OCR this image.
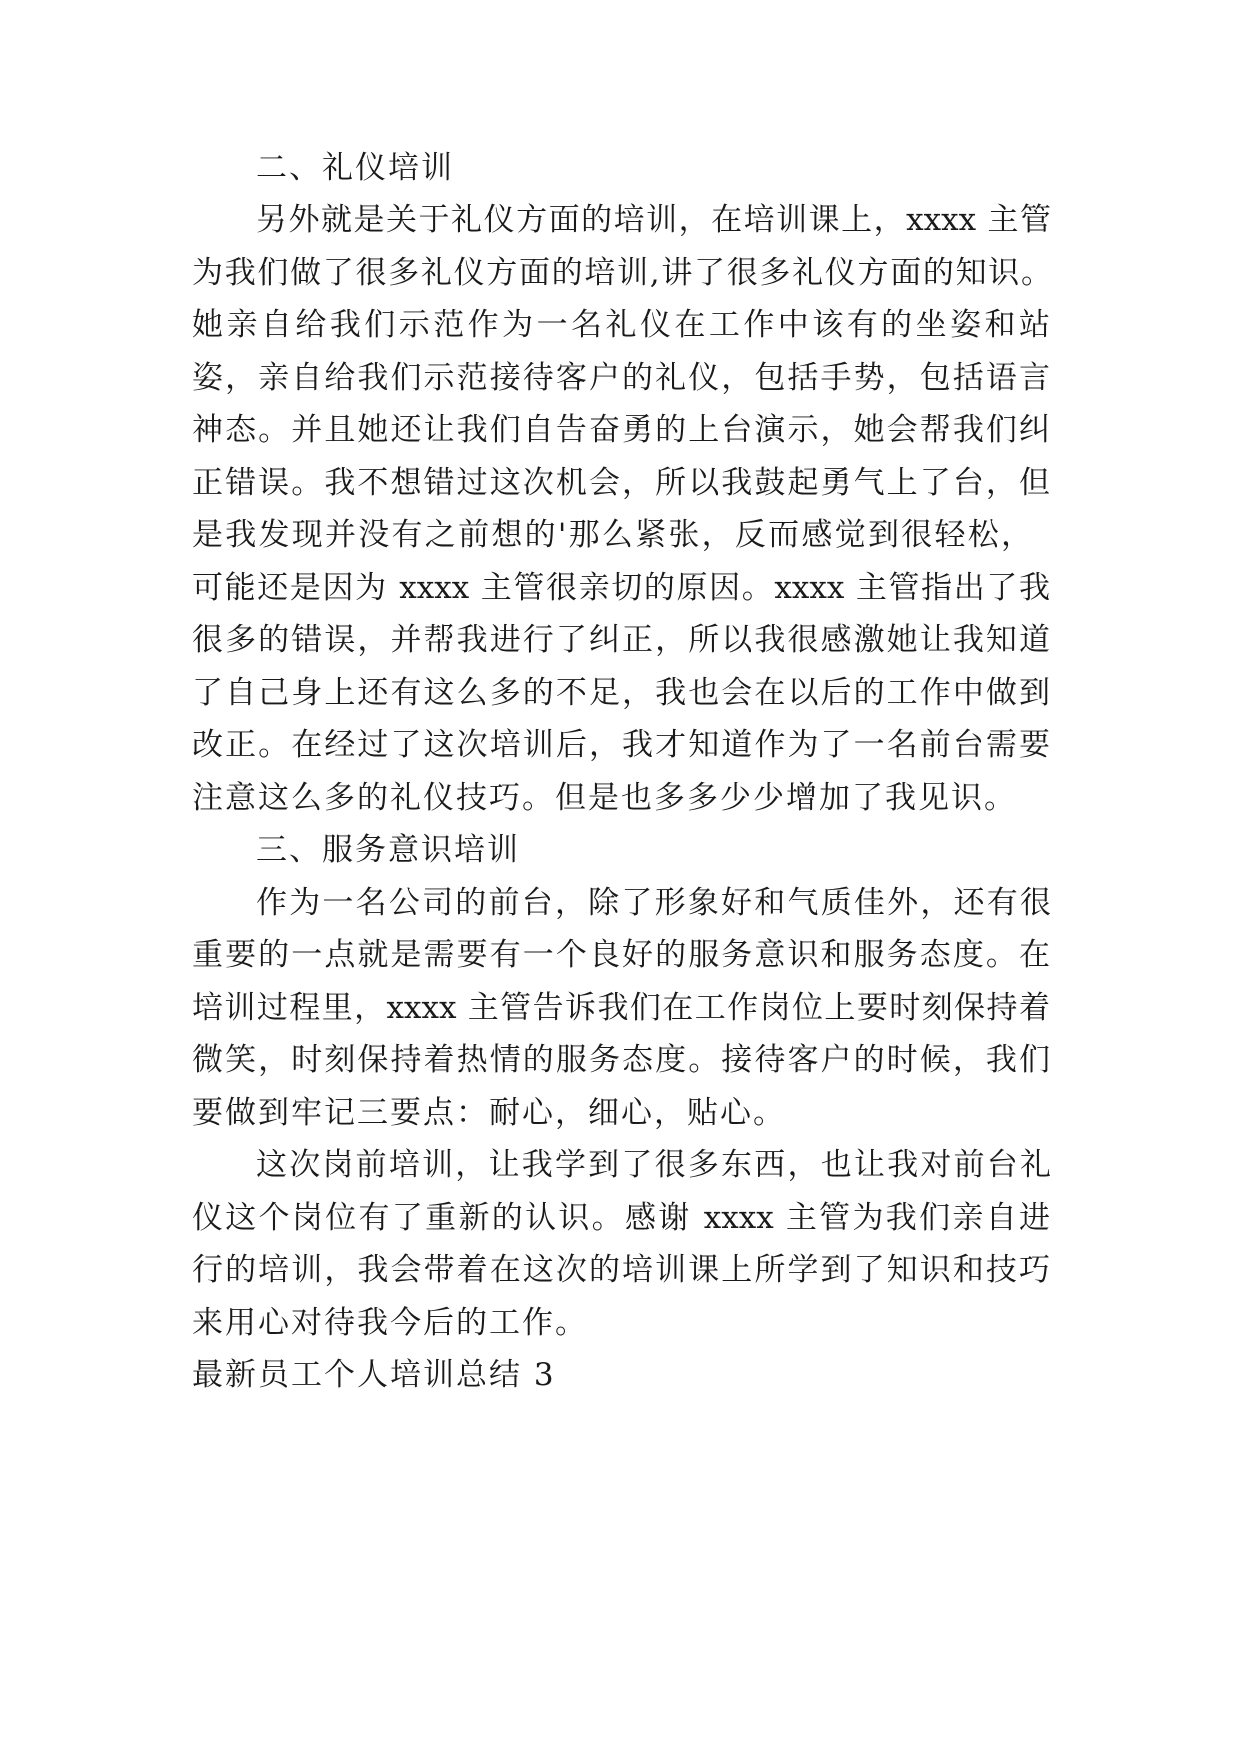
二、礼仪培训

另外就是关于礼仪方面的培训，在培训课上，xxxx 主管

为我们做了很多礼仪方面的培训,讲了很多礼仪方面的知识。

她亲自给我们示范作为一名礼仪在工作中该有的坐姿和站

姿，亲自给我们示范接待客户的礼仪，包括手势，包括语言

神态。并且她还让我们自告奋勇的上台演示，她会帮我们纠

正错误。我不想错过这次机会，所以我鼓起勇气上了台，但

是我发现并没有之前想的'那么紧张，反而感觉到很轻松，

可能还是因为 xxxx 主管很亲切的原因。xxxx 主管指出了我

很多的错误，并帮我进行了纠正，所以我很感激她让我知道

了自己身上还有这么多的不足，我也会在以后的工作中做到

改正。在经过了这次培训后，我才知道作为了一名前台需要

注意这么多的礼仪技巧。但是也多多少少增加了我见识。

三、服务意识培训

作为一名公司的前台，除了形象好和气质佳外，还有很

重要的一点就是需要有一个良好的服务意识和服务态度。在

培训过程里，xxxx 主管告诉我们在工作岗位上要时刻保持着

微笑，时刻保持着热情的服务态度。接待客户的时候，我们

要做到牢记三要点：耐心，细心，贴心。

这次岗前培训，让我学到了很多东西，也让我对前台礼

仪这个岗位有了重新的认识。感谢 xxxx 主管为我们亲自进

行的培训，我会带着在这次的培训课上所学到了知识和技巧

来用心对待我今后的工作。

最新员工个人培训总结 3
